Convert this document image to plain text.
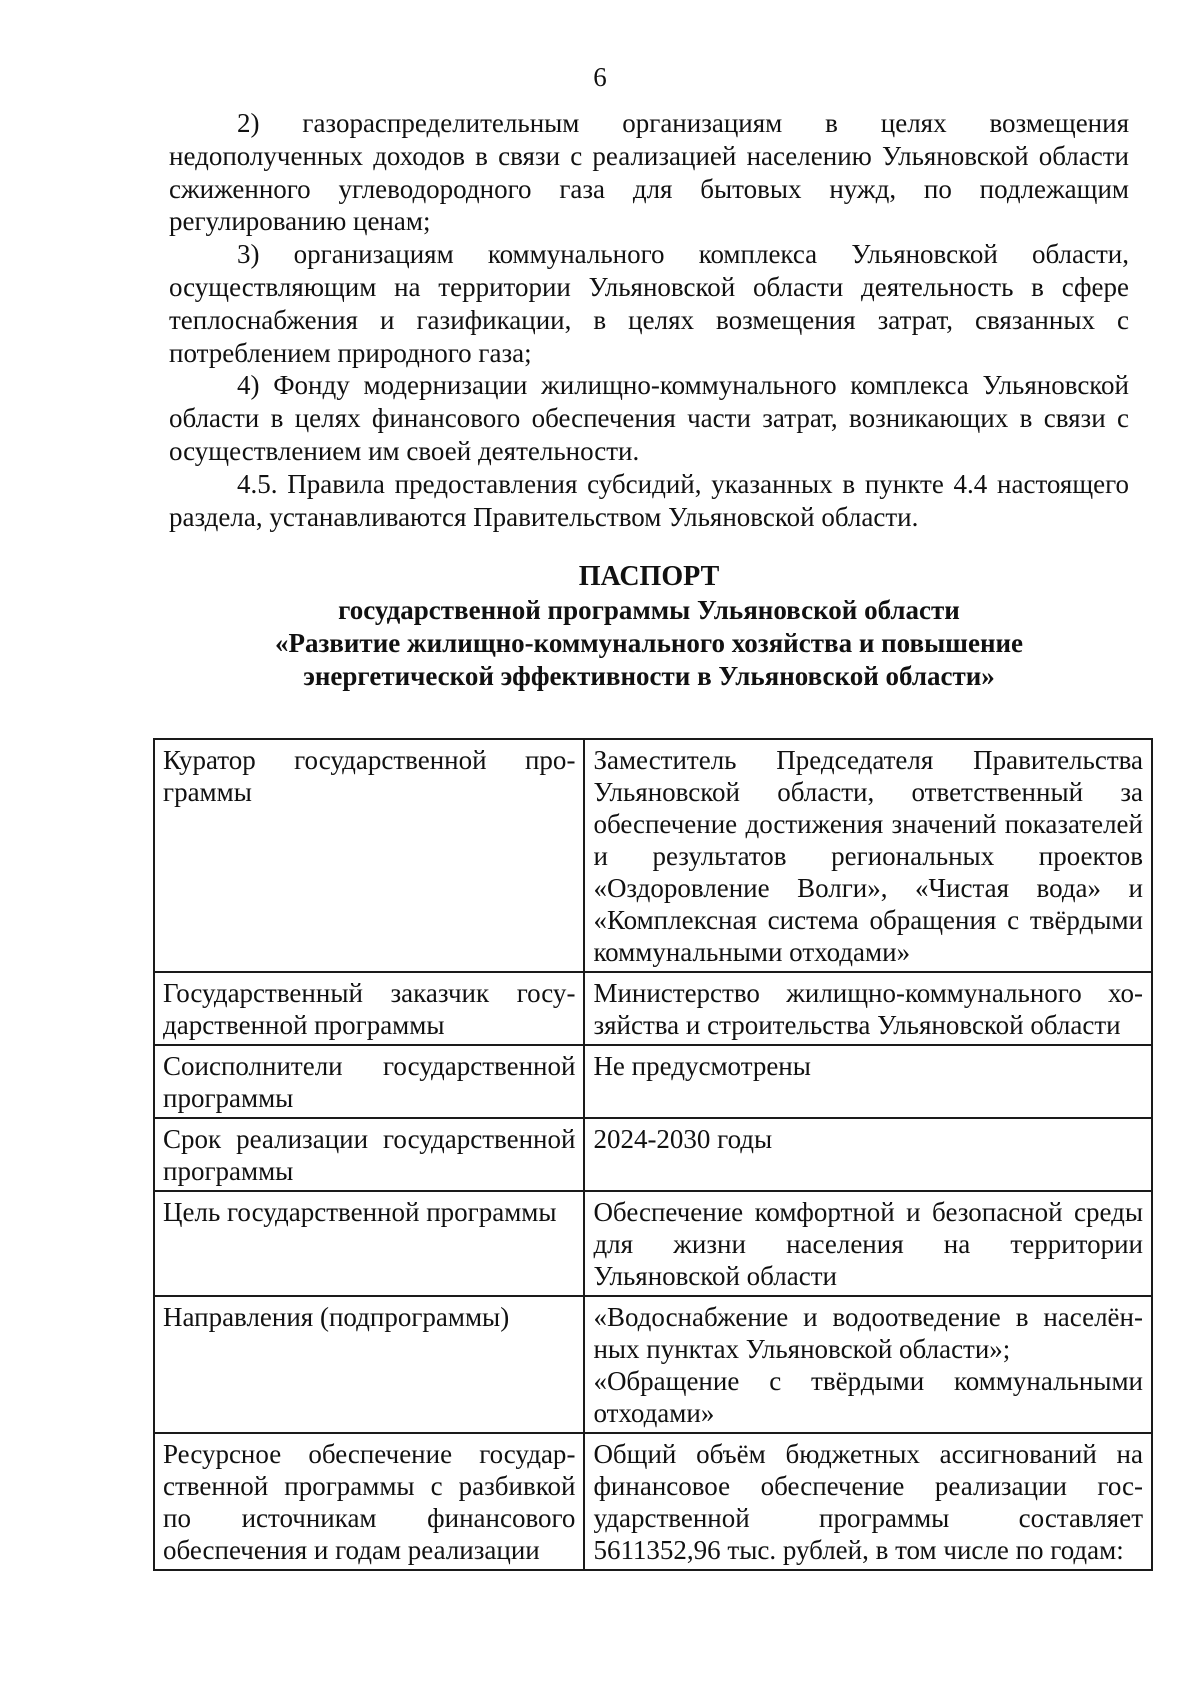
6

2) газораспределительным организациям в целях возмещения недополученных доходов в связи с реализацией населению Ульяновской области сжиженного углеводородного газа для бытовых нужд, по подлежащим регулированию ценам;

3) организациям коммунального комплекса Ульяновской области, осуществляющим на территории Ульяновской области деятельность в сфере теплоснабжения и газификации, в целях возмещения затрат, связанных с потреблением природного газа;

4) Фонду модернизации жилищно-коммунального комплекса Ульяновской области в целях финансового обеспечения части затрат, возникающих в связи с осуществлением им своей деятельности.

4.5. Правила предоставления субсидий, указанных в пункте 4.4 настоящего раздела, устанавливаются Правительством Ульяновской области.

ПАСПОРТ
государственной программы Ульяновской области
«Развитие жилищно-коммунального хозяйства и повышение
энергетической эффективности в Ульяновской области»
Куратор государственной программы	Заместитель Председателя Правительства Ульяновской области, ответственный за обеспечение достижения значений показателей и результатов региональных проектов «Оздоровление Волги», «Чистая вода» и «Комплексная система обращения с твёрдыми коммунальными отходами»
Государственный заказчик государственной программы	Министерство жилищно-коммунального хозяйства и строительства Ульяновской области
Соисполнители государственной программы	Не предусмотрены
Срок реализации государственной программы	2024-2030 годы
Цель государственной программы	Обеспечение комфортной и безопасной среды для жизни населения на территории Ульяновской области
Направления (подпрограммы)	«Водоснабжение и водоотведение в населённых пунктах Ульяновской области»;
«Обращение с твёрдыми коммунальными отходами»

Ресурсное обеспечение государственной программы с разбивкой по источникам финансового обеспечения и годам реализации	Общий объём бюджетных ассигнований на финансовое обеспечение реализации государственной программы составляет 5611352,96 тыс. рублей, в том числе по годам:
